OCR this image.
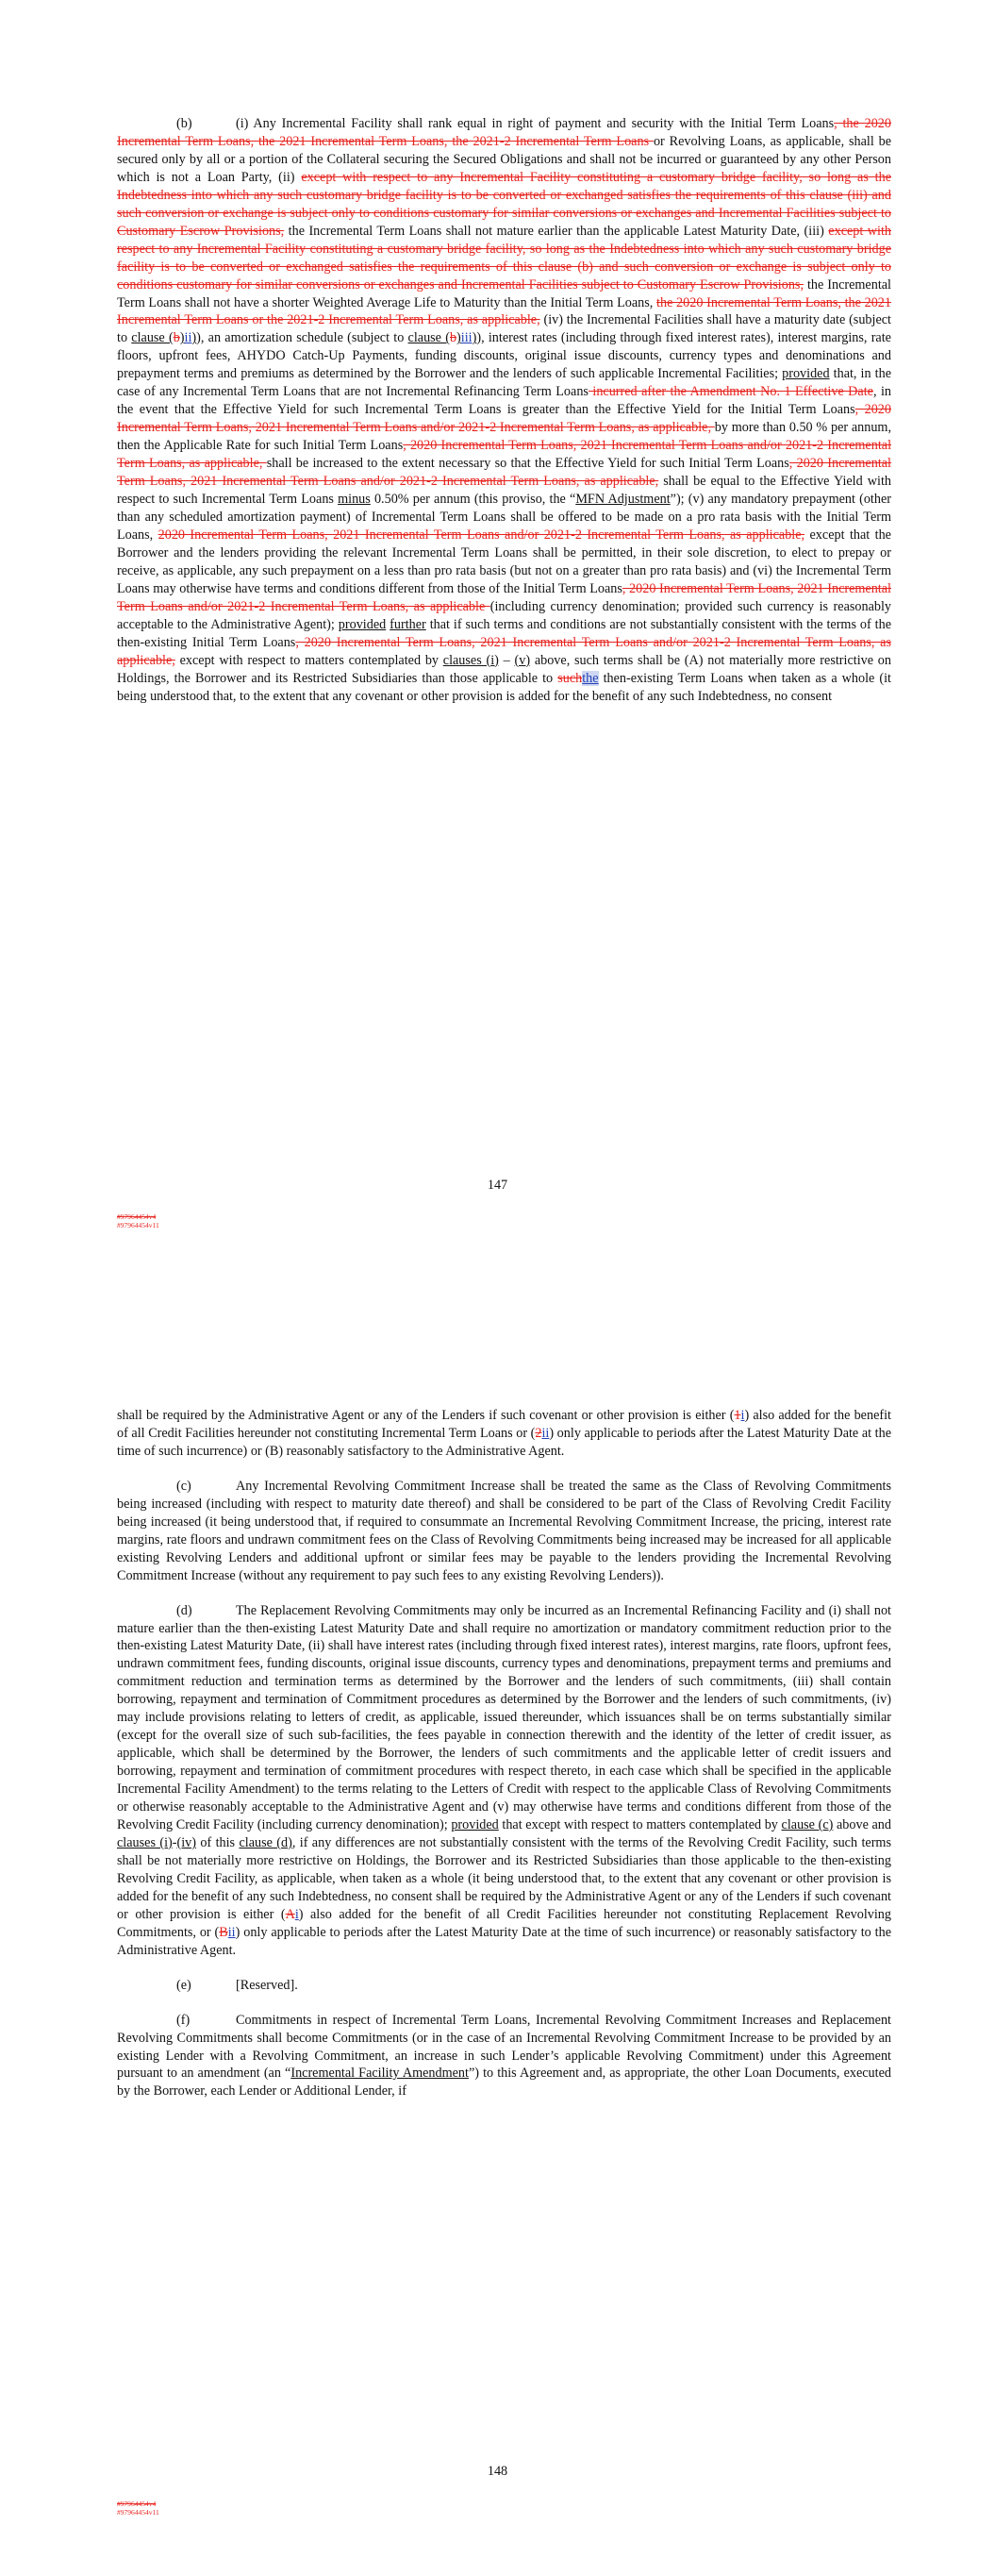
(b)	(i) Any Incremental Facility shall rank equal in right of payment and security with the Initial Term Loans, the 2020 Incremental Term Loans, the 2021 Incremental Term Loans, the 2021-2 Incremental Term Loans or Revolving Loans, as applicable, shall be secured only by all or a portion of the Collateral securing the Secured Obligations and shall not be incurred or guaranteed by any other Person which is not a Loan Party, (ii) except with respect to any Incremental Facility constituting a customary bridge facility, so long as the Indebtedness into which any such customary bridge facility is to be converted or exchanged satisfies the requirements of this clause (iii) and such conversion or exchange is subject only to conditions customary for similar conversions or exchanges and Incremental Facilities subject to Customary Escrow Provisions, the Incremental Term Loans shall not mature earlier than the applicable Latest Maturity Date, (iii) except with respect to any Incremental Facility constituting a customary bridge facility, so long as the Indebtedness into which any such customary bridge facility is to be converted or exchanged satisfies the requirements of this clause (b) and such conversion or exchange is subject only to conditions customary for similar conversions or exchanges and Incremental Facilities subject to Customary Escrow Provisions, the Incremental Term Loans shall not have a shorter Weighted Average Life to Maturity than the Initial Term Loans, the 2020 Incremental Term Loans, the 2021 Incremental Term Loans or the 2021-2 Incremental Term Loans, as applicable, (iv) the Incremental Facilities shall have a maturity date (subject to clause (b)ii)), an amortization schedule (subject to clause (b)iii)), interest rates (including through fixed interest rates), interest margins, rate floors, upfront fees, AHYDO Catch-Up Payments, funding discounts, original issue discounts, currency types and denominations and prepayment terms and premiums as determined by the Borrower and the lenders of such applicable Incremental Facilities; provided that, in the case of any Incremental Term Loans that are not Incremental Refinancing Term Loans incurred after the Amendment No. 1 Effective Date, in the event that the Effective Yield for such Incremental Term Loans is greater than the Effective Yield for the Initial Term Loans, 2020 Incremental Term Loans, 2021 Incremental Term Loans and/or 2021-2 Incremental Term Loans, as applicable, by more than 0.50 % per annum, then the Applicable Rate for such Initial Term Loans, 2020 Incremental Term Loans, 2021 Incremental Term Loans and/or 2021-2 Incremental Term Loans, as applicable, shall be increased to the extent necessary so that the Effective Yield for such Initial Term Loans, 2020 Incremental Term Loans, 2021 Incremental Term Loans and/or 2021-2 Incremental Term Loans, as applicable, shall be equal to the Effective Yield with respect to such Incremental Term Loans minus 0.50% per annum (this proviso, the “MFN Adjustment”); (v) any mandatory prepayment (other than any scheduled amortization payment) of Incremental Term Loans shall be offered to be made on a pro rata basis with the Initial Term Loans, 2020 Incremental Term Loans, 2021 Incremental Term Loans and/or 2021-2 Incremental Term Loans, as applicable, except that the Borrower and the lenders providing the relevant Incremental Term Loans shall be permitted, in their sole discretion, to elect to prepay or receive, as applicable, any such prepayment on a less than pro rata basis (but not on a greater than pro rata basis) and (vi) the Incremental Term Loans may otherwise have terms and conditions different from those of the Initial Term Loans, 2020 Incremental Term Loans, 2021 Incremental Term Loans and/or 2021-2 Incremental Term Loans, as applicable (including currency denomination; provided such currency is reasonably acceptable to the Administrative Agent); provided further that if such terms and conditions are not substantially consistent with the terms of the then-existing Initial Term Loans, 2020 Incremental Term Loans, 2021 Incremental Term Loans and/or 2021-2 Incremental Term Loans, as applicable, except with respect to matters contemplated by clauses (i) – (v) above, such terms shall be (A) not materially more restrictive on Holdings, the Borrower and its Restricted Subsidiaries than those applicable to suchthe then-existing Term Loans when taken as a whole (it being understood that, to the extent that any covenant or other provision is added for the benefit of any such Indebtedness, no consent

147
#97964454v4
#97964454v11

shall be required by the Administrative Agent or any of the Lenders if such covenant or other provision is either (1i) also added for the benefit of all Credit Facilities hereunder not constituting Incremental Term Loans or (2ii) only applicable to periods after the Latest Maturity Date at the time of such incurrence) or (B) reasonably satisfactory to the Administrative Agent.

(c)	Any Incremental Revolving Commitment Increase shall be treated the same as the Class of Revolving Commitments being increased (including with respect to maturity date thereof) and shall be considered to be part of the Class of Revolving Credit Facility being increased (it being understood that, if required to consummate an Incremental Revolving Commitment Increase, the pricing, interest rate margins, rate floors and undrawn commitment fees on the Class of Revolving Commitments being increased may be increased for all applicable existing Revolving Lenders and additional upfront or similar fees may be payable to the lenders providing the Incremental Revolving Commitment Increase (without any requirement to pay such fees to any existing Revolving Lenders)).

(d)	The Replacement Revolving Commitments may only be incurred as an Incremental Refinancing Facility and (i) shall not mature earlier than the then-existing Latest Maturity Date and shall require no amortization or mandatory commitment reduction prior to the then-existing Latest Maturity Date, (ii) shall have interest rates (including through fixed interest rates), interest margins, rate floors, upfront fees, undrawn commitment fees, funding discounts, original issue discounts, currency types and denominations, prepayment terms and premiums and commitment reduction and termination terms as determined by the Borrower and the lenders of such commitments, (iii) shall contain borrowing, repayment and termination of Commitment procedures as determined by the Borrower and the lenders of such commitments, (iv) may include provisions relating to letters of credit, as applicable, issued thereunder, which issuances shall be on terms substantially similar (except for the overall size of such sub-facilities, the fees payable in connection therewith and the identity of the letter of credit issuer, as applicable, which shall be determined by the Borrower, the lenders of such commitments and the applicable letter of credit issuers and borrowing, repayment and termination of commitment procedures with respect thereto, in each case which shall be specified in the applicable Incremental Facility Amendment) to the terms relating to the Letters of Credit with respect to the applicable Class of Revolving Commitments or otherwise reasonably acceptable to the Administrative Agent and (v) may otherwise have terms and conditions different from those of the Revolving Credit Facility (including currency denomination); provided that except with respect to matters contemplated by clause (c) above and clauses (i)-(iv) of this clause (d), if any differences are not substantially consistent with the terms of the Revolving Credit Facility, such terms shall be not materially more restrictive on Holdings, the Borrower and its Restricted Subsidiaries than those applicable to the then-existing Revolving Credit Facility, as applicable, when taken as a whole (it being understood that, to the extent that any covenant or other provision is added for the benefit of any such Indebtedness, no consent shall be required by the Administrative Agent or any of the Lenders if such covenant or other provision is either (Ai) also added for the benefit of all Credit Facilities hereunder not constituting Replacement Revolving Commitments, or (Bii) only applicable to periods after the Latest Maturity Date at the time of such incurrence) or reasonably satisfactory to the Administrative Agent.

(e)	[Reserved].

(f)	Commitments in respect of Incremental Term Loans, Incremental Revolving Commitment Increases and Replacement Revolving Commitments shall become Commitments (or in the case of an Incremental Revolving Commitment Increase to be provided by an existing Lender with a Revolving Commitment, an increase in such Lender’s applicable Revolving Commitment) under this Agreement pursuant to an amendment (an “Incremental Facility Amendment”) to this Agreement and, as appropriate, the other Loan Documents, executed by the Borrower, each Lender or Additional Lender, if

148
#97964454v4
#97964454v11
